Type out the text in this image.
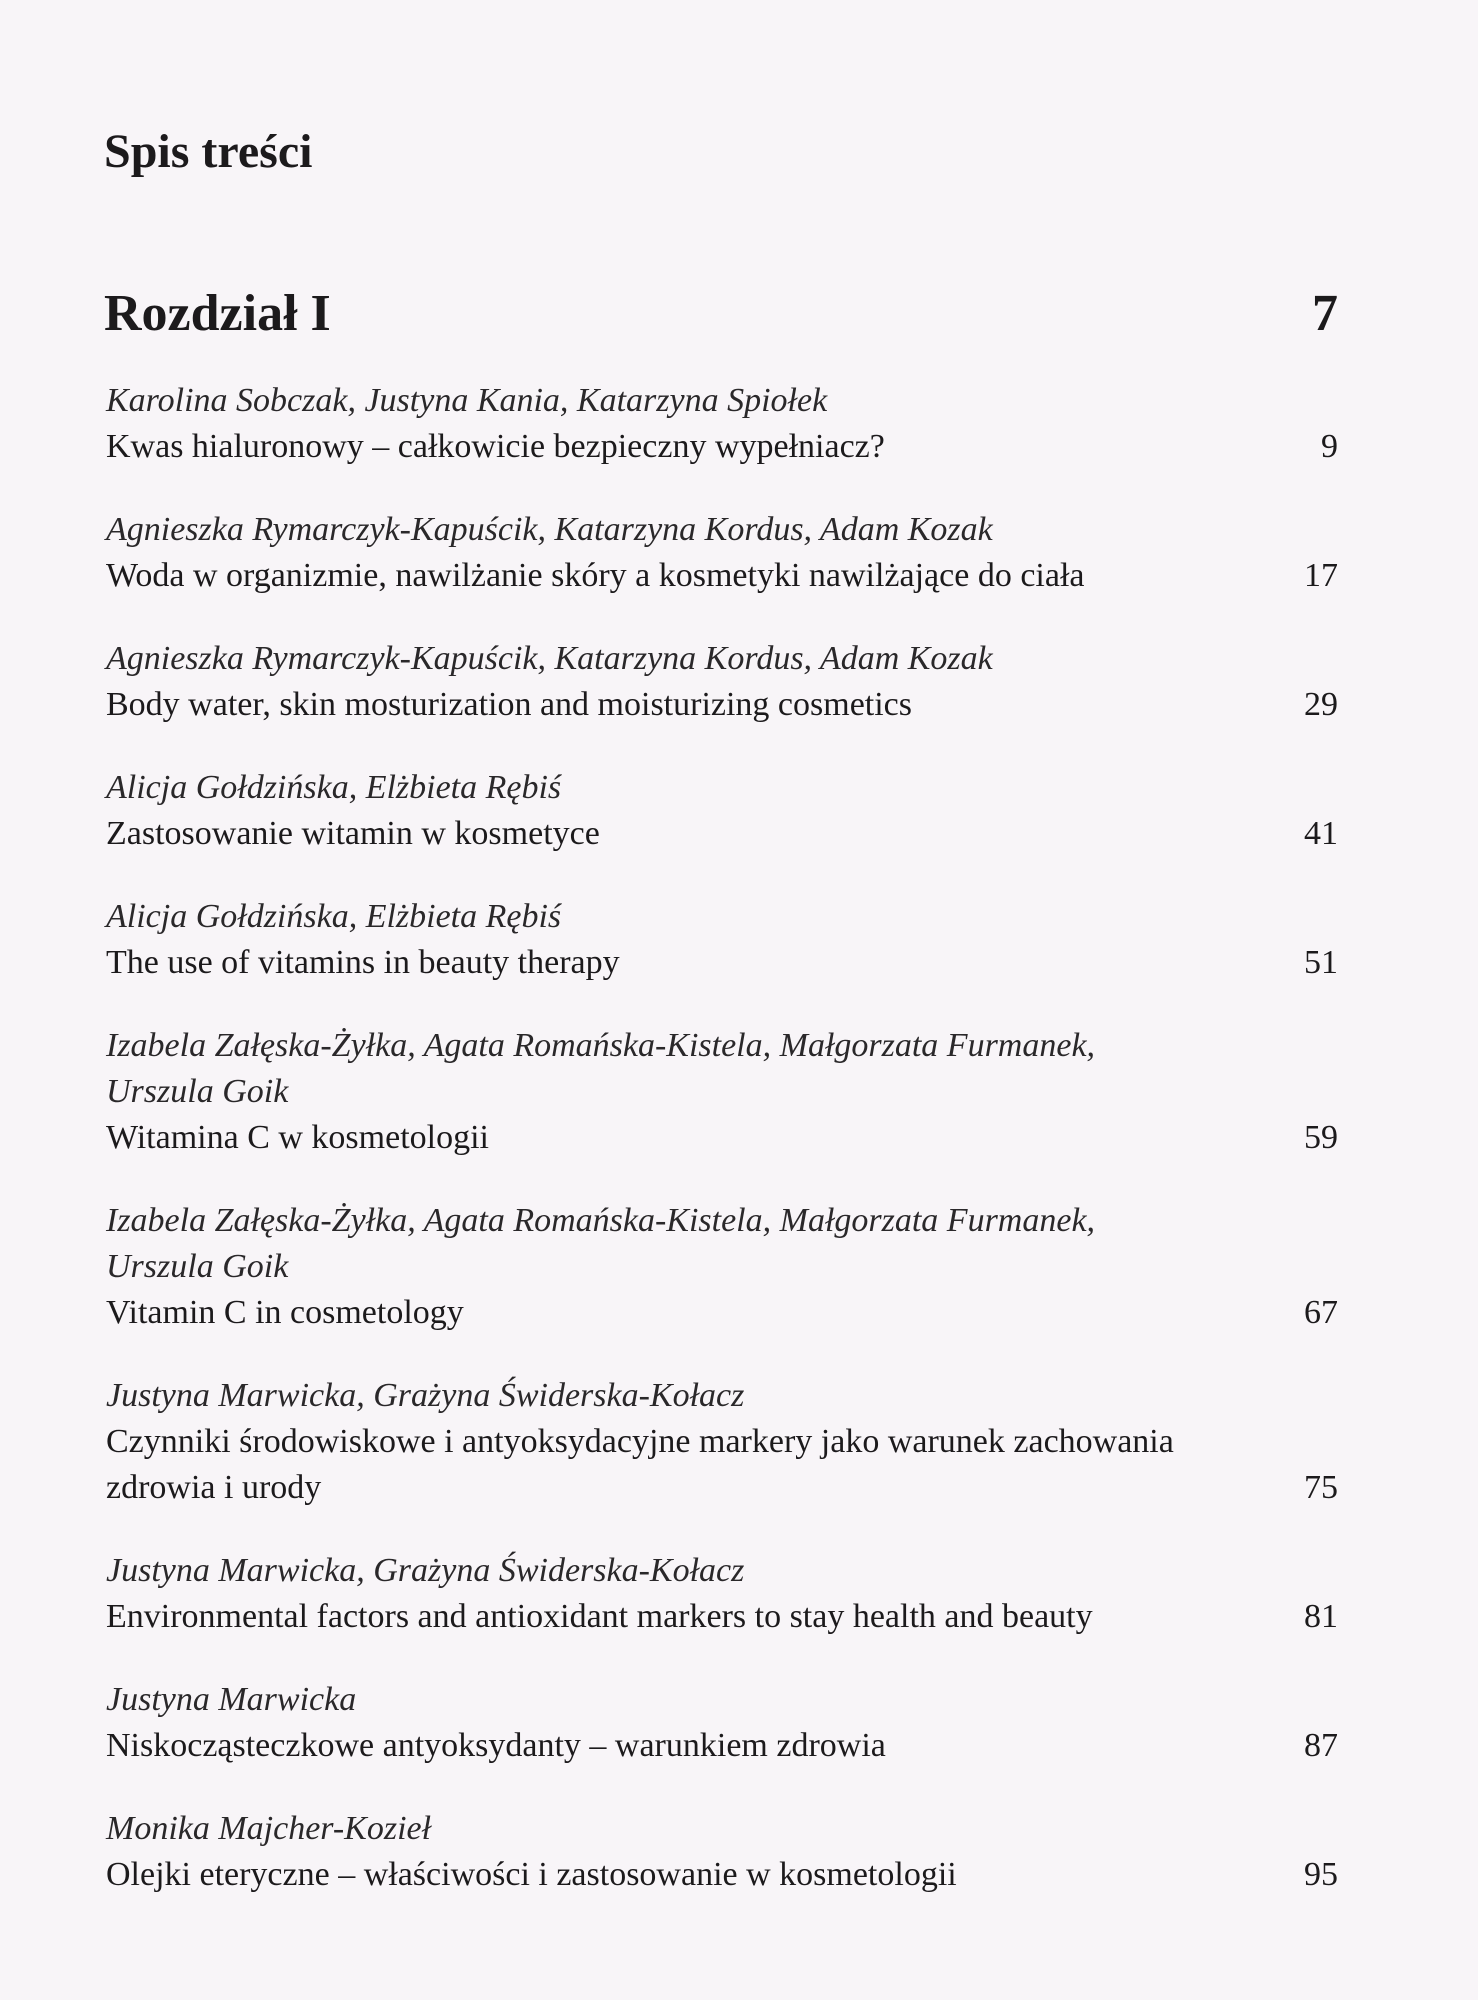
Spis treści
Rozdział I	7
Karolina Sobczak, Justyna Kania, Katarzyna Spiołek
Kwas hialuronowy – całkowicie bezpieczny wypełniacz?	9
Agnieszka Rymarczyk-Kapuścik, Katarzyna Kordus, Adam Kozak
Woda w organizmie, nawilżanie skóry a kosmetyki nawilżające do ciała	17
Agnieszka Rymarczyk-Kapuścik, Katarzyna Kordus, Adam Kozak
Body water, skin mosturization and moisturizing cosmetics	29
Alicja Gołdzińska, Elżbieta Rębiś
Zastosowanie witamin w kosmetyce	41
Alicja Gołdzińska, Elżbieta Rębiś
The use of vitamins in beauty therapy	51
Izabela Załęska-Żyłka, Agata Romańska-Kistela, Małgorzata Furmanek,
Urszula Goik
Witamina C w kosmetologii	59
Izabela Załęska-Żyłka, Agata Romańska-Kistela, Małgorzata Furmanek,
Urszula Goik
Vitamin C in cosmetology	67
Justyna Marwicka, Grażyna Świderska-Kołacz
Czynniki środowiskowe i antyoksydacyjne markery jako warunek zachowania zdrowia i urody	75
Justyna Marwicka, Grażyna Świderska-Kołacz
Environmental factors and antioxidant markers to stay health and beauty	81
Justyna Marwicka
Niskocząsteczkowe antyoksydanty – warunkiem zdrowia	87
Monika Majcher-Kozieł
Olejki eteryczne – właściwości i zastosowanie w kosmetologii	95
